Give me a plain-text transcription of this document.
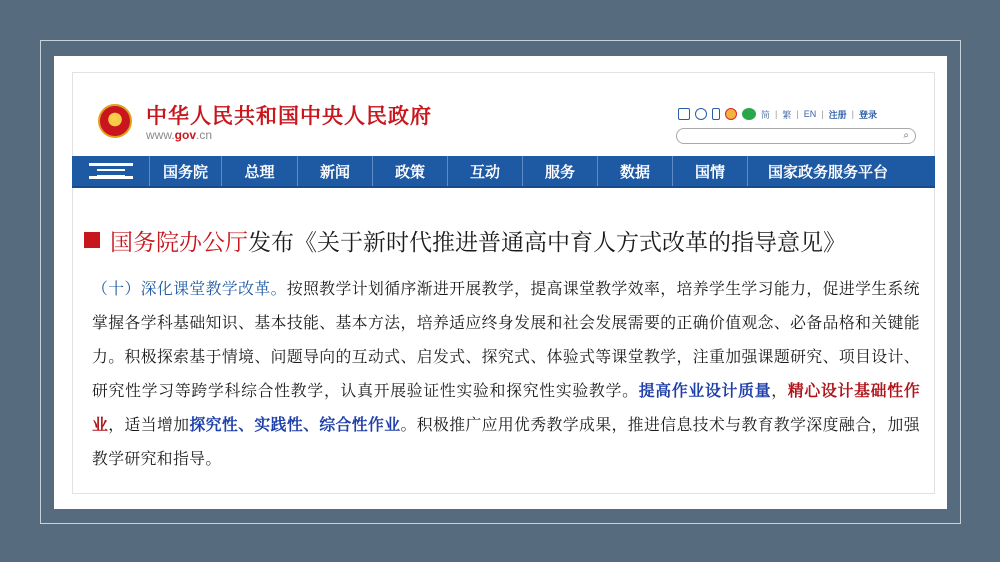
★ 中华人民共和国中央人民政府
www.gov.cn
简 | 繁 | EN | 注册 | 登录
⌕
国务院	总理	新闻	政策	互动	服务	数据	国情	国家政务服务平台
国务院办公厅 发布《关于新时代推进普通高中育人方式改革的指导意见》
（十）深化课堂教学改革。按照教学计划循序渐进开展教学，提高课堂教学效率，培养学生学习能力，促进学生系统掌握各学科基础知识、基本技能、基本方法，培养适应终身发展和社会发展需要的正确价值观念、必备品格和关键能力。积极探索基于情境、问题导向的互动式、启发式、探究式、体验式等课堂教学，注重加强课题研究、项目设计、研究性学习等跨学科综合性教学，认真开展验证性实验和探究性实验教学。提高作业设计质量，精心设计基础性作业，适当增加探究性、实践性、综合性作业。积极推广应用优秀教学成果，推进信息技术与教育教学深度融合，加强教学研究和指导。
